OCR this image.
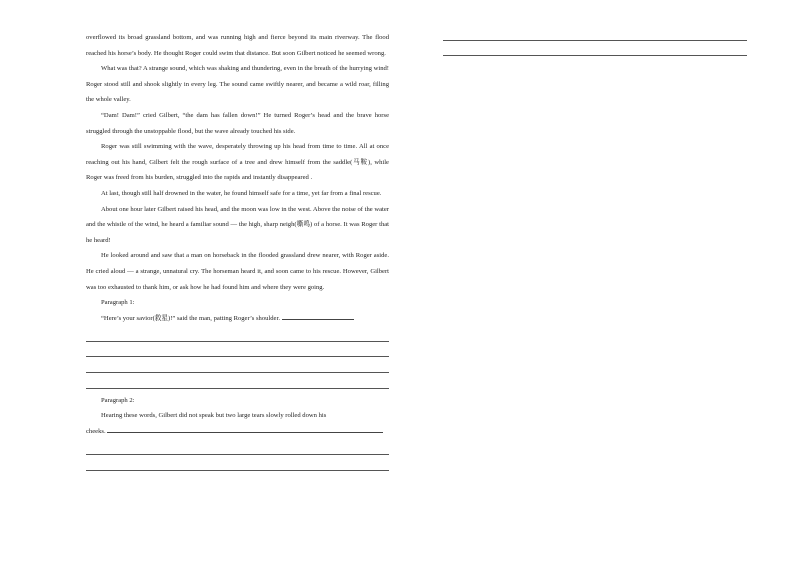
overflowed its broad grassland bottom, and was running high and fierce beyond its main riverway. The flood reached his horse’s body. He thought Roger could swim that distance. But soon Gilbert noticed he seemed wrong.

What was that? A strange sound, which was shaking and thundering, even in the breath of the hurrying wind! Roger stood still and shook slightly in every leg. The sound came swiftly nearer, and became a wild roar, filling the whole valley.

“Dam! Dam!” cried Gilbert, “the dam has fallen down!” He turned Roger’s head and the brave horse struggled through the unstoppable flood, but the wave already touched his side.

Roger was still swimming with the wave, desperately throwing up his head from time to time. All at once reaching out his hand, Gilbert felt the rough surface of a tree and drew himself from the saddle(马鞍), while Roger was freed from his burden, struggled into the rapids and instantly disappeared .

At last, though still half drowned in the water, he found himself safe for a time, yet far from a final rescue.

About one hour later Gilbert raised his head, and the moon was low in the west. Above the noise of the water and the whistle of the wind, he heard a familiar sound — the high, sharp neigh(嘶鸣) of a horse. It was Roger that he heard!

He looked around and saw that a man on horseback in the flooded grassland drew nearer, with Roger aside. He cried aloud — a strange, unnatural cry. The horseman heard it, and soon came to his rescue. However, Gilbert was too exhausted to thank him, or ask how he had found him and where they were going.

Paragraph 1:

“Here’s your savior(救星)!” said the man, patting Roger’s shoulder.

Paragraph 2:

Hearing these words, Gilbert did not speak but two large tears slowly rolled down his

cheeks.
